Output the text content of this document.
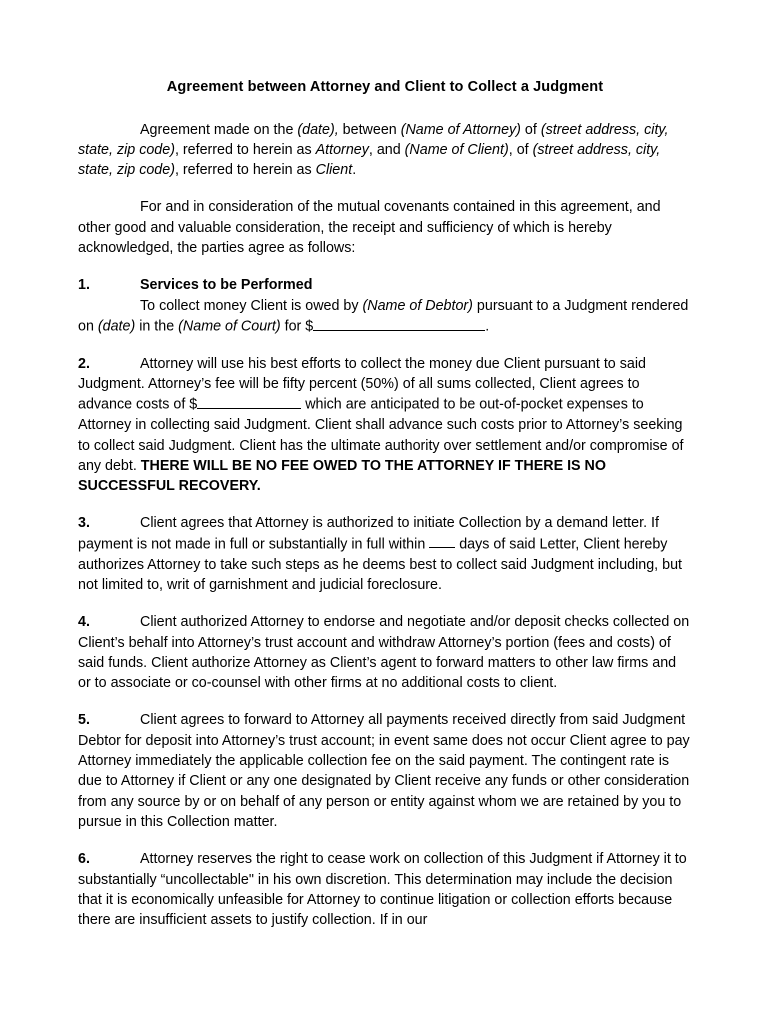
Agreement between Attorney and Client to Collect a Judgment

Agreement made on the (date), between (Name of Attorney) of (street address, city, state, zip code), referred to herein as Attorney, and (Name of Client), of (street address, city, state, zip code), referred to herein as Client.

For and in consideration of the mutual covenants contained in this agreement, and other good and valuable consideration, the receipt and sufficiency of which is hereby acknowledged, the parties agree as follows:

1.	Services to be Performed

To collect money Client is owed by (Name of Debtor) pursuant to a Judgment rendered on (date) in the (Name of Court) for $	.

2.	Attorney will use his best efforts to collect the money due Client pursuant to said Judgment. Attorney’s fee will be fifty percent (50%) of all sums collected, Client agrees to advance costs of $	which are anticipated to be out-of-pocket expenses to Attorney in collecting said Judgment. Client shall advance such costs prior to Attorney’s seeking to collect said Judgment. Client has the ultimate authority over settlement and/or compromise of any debt. THERE WILL BE NO FEE OWED TO THE ATTORNEY IF THERE IS NO SUCCESSFUL RECOVERY.

3.	Client agrees that Attorney is authorized to initiate Collection by a demand letter. If payment is not made in full or substantially in full within  days of said Letter, Client hereby authorizes Attorney to take such steps as he deems best to collect said Judgment including, but not limited to, writ of garnishment and judicial foreclosure.

4.	Client authorized Attorney to endorse and negotiate and/or deposit checks collected on Client’s behalf into Attorney’s trust account and withdraw Attorney’s portion (fees and costs) of said funds. Client authorize Attorney as Client’s agent to forward matters to other law firms and or to associate or co-counsel with other firms at no additional costs to client.

5.	Client agrees to forward to Attorney all payments received directly from said Judgment Debtor for deposit into Attorney’s trust account; in event same does not occur Client agree to pay Attorney immediately the applicable collection fee on the said payment. The contingent rate is due to Attorney if Client or any one designated by Client receive any funds or other consideration from any source by or on behalf of any person or entity against whom we are retained by you to pursue in this Collection matter.

6.	Attorney reserves the right to cease work on collection of this Judgment if Attorney it to substantially “uncollectable" in his own discretion. This determination may include the decision that it is economically unfeasible for Attorney to continue litigation or collection efforts because there are insufficient assets to justify collection. If in our
